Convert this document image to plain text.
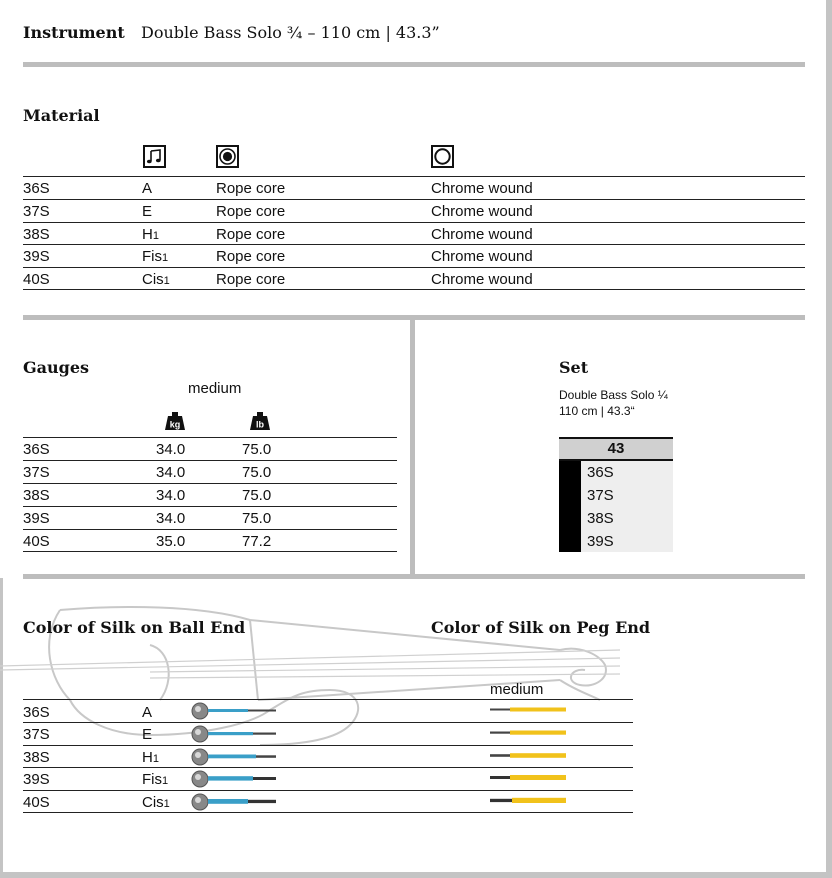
Instrument Double Bass Solo ¾ – 110 cm | 43.3”
Material
36S	A	Rope core	Chrome wound
37S	E	Rope core	Chrome wound
38S	H1	Rope core	Chrome wound
39S	Fis1	Rope core	Chrome wound
40S	Cis1	Rope core	Chrome wound
Gauges
medium
kg	lb
36S	34.0	75.0
37S	34.0	75.0
38S	34.0	75.0
39S	34.0	75.0
40S	35.0	77.2
Set
Double Bass Solo ¼
110 cm | 43.3“
43
36S
37S
38S
39S
Color of Silk on Ball End	Color of Silk on Peg End
medium
36S	A
37S	E
38S	H1
39S	Fis1
40S	Cis1
